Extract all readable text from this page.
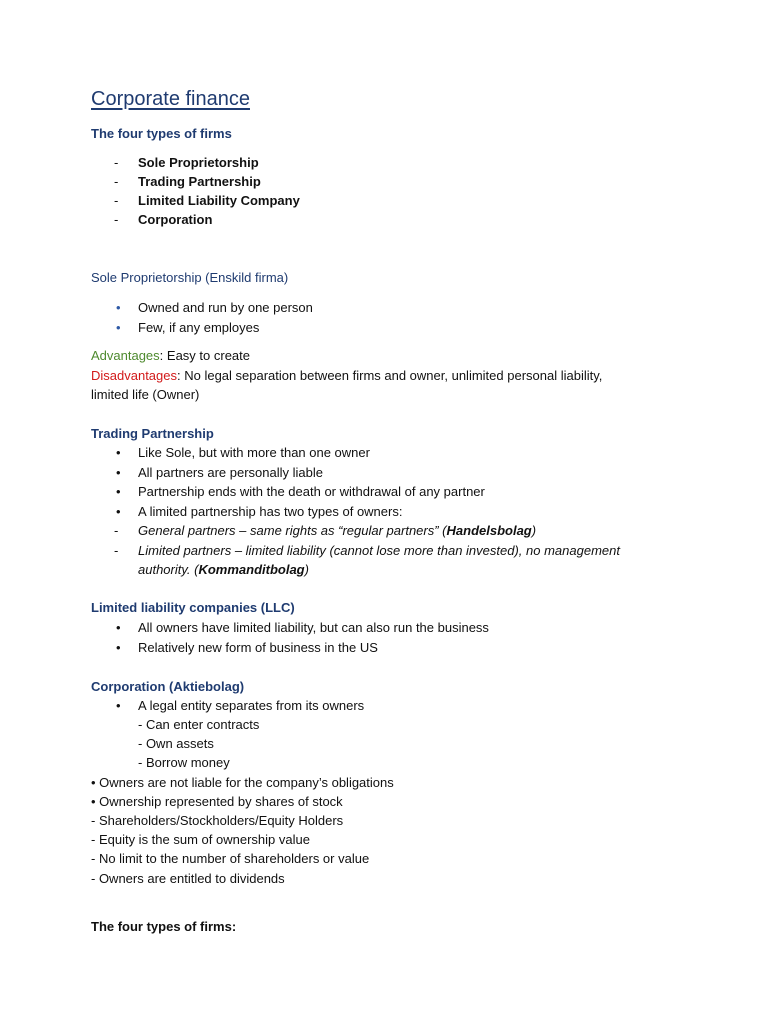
Corporate finance
The four types of firms
- Sole Proprietorship
- Trading Partnership
- Limited Liability Company
- Corporation
Sole Proprietorship (Enskild firma)
• Owned and run by one person
• Few, if any employes
Advantages: Easy to create
Disadvantages: No legal separation between firms and owner, unlimited personal liability,
limited life (Owner)
Trading Partnership
• Like Sole, but with more than one owner
• All partners are personally liable
• Partnership ends with the death or withdrawal of any partner
• A limited partnership has two types of owners:
- General partners – same rights as “regular partners” (Handelsbolag)
- Limited partners – limited liability (cannot lose more than invested), no management
authority. (Kommanditbolag)
Limited liability companies (LLC)
• All owners have limited liability, but can also run the business
• Relatively new form of business in the US
Corporation (Aktiebolag)
• A legal entity separates from its owners
- Can enter contracts
- Own assets
- Borrow money
• Owners are not liable for the company’s obligations
• Ownership represented by shares of stock
- Shareholders/Stockholders/Equity Holders
- Equity is the sum of ownership value
- No limit to the number of shareholders or value
- Owners are entitled to dividends
The four types of firms:
